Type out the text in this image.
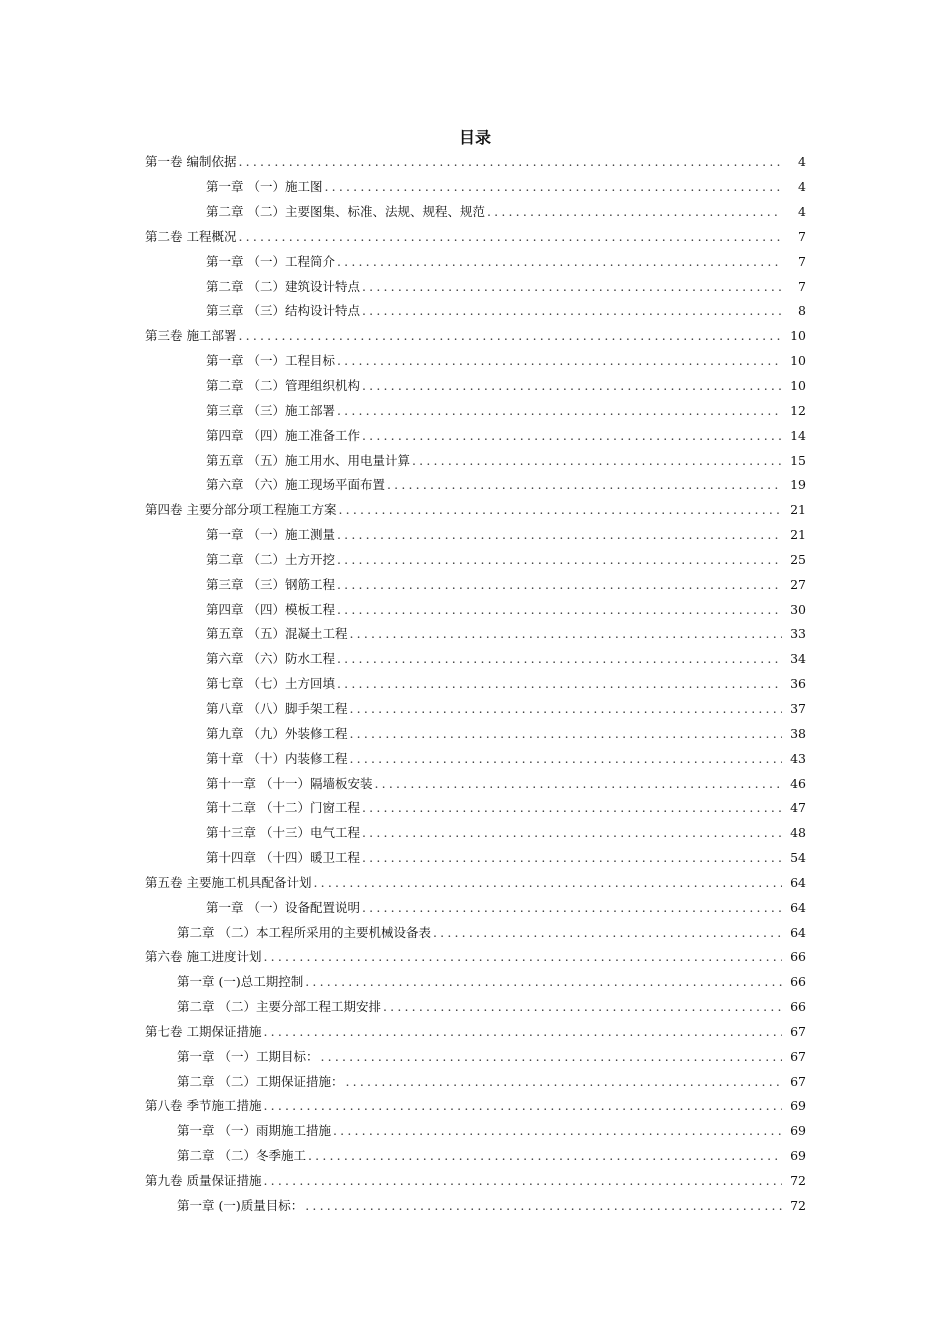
目录
第一卷 编制依据 .....	4
第一章 （一）施工图 .....	4
第二章 （二）主要图集、标准、法规、规程、规范 .....	4
第二卷 工程概况 .....	7
第一章 （一）工程简介 .....	7
第二章 （二）建筑设计特点 .....	7
第三章 （三）结构设计特点 .....	8
第三卷 施工部署 .....	10
第一章 （一）工程目标 .....	10
第二章 （二）管理组织机构 .....	10
第三章 （三）施工部署 .....	12
第四章 （四）施工准备工作 .....	14
第五章 （五）施工用水、用电量计算 .....	15
第六章 （六）施工现场平面布置 .....	19
第四卷 主要分部分项工程施工方案 .....	21
第一章 （一）施工测量 .....	21
第二章 （二）土方开挖 .....	25
第三章 （三）钢筋工程 .....	27
第四章 （四）模板工程 .....	30
第五章 （五）混凝土工程 .....	33
第六章 （六）防水工程 .....	34
第七章 （七）土方回填 .....	36
第八章 （八）脚手架工程 .....	37
第九章 （九）外装修工程 .....	38
第十章 （十）内装修工程 .....	43
第十一章 （十一）隔墙板安装 .....	46
第十二章 （十二）门窗工程 .....	47
第十三章 （十三）电气工程 .....	48
第十四章 （十四）暖卫工程 .....	54
第五卷 主要施工机具配备计划 .....	64
第一章 （一）设备配置说明 .....	64
第二章 （二）本工程所采用的主要机械设备表 .....	64
第六卷 施工进度计划 .....	66
第一章 (一)总工期控制 .....	66
第二章 （二）主要分部工程工期安排 .....	66
第七卷 工期保证措施 .....	67
第一章 （一）工期目标： .....	67
第二章 （二）工期保证措施： .....	67
第八卷 季节施工措施 .....	69
第一章 （一）雨期施工措施 .....	69
第二章 （二）冬季施工 .....	69
第九卷 质量保证措施 .....	72
第一章 (一)质量目标： .....	72
